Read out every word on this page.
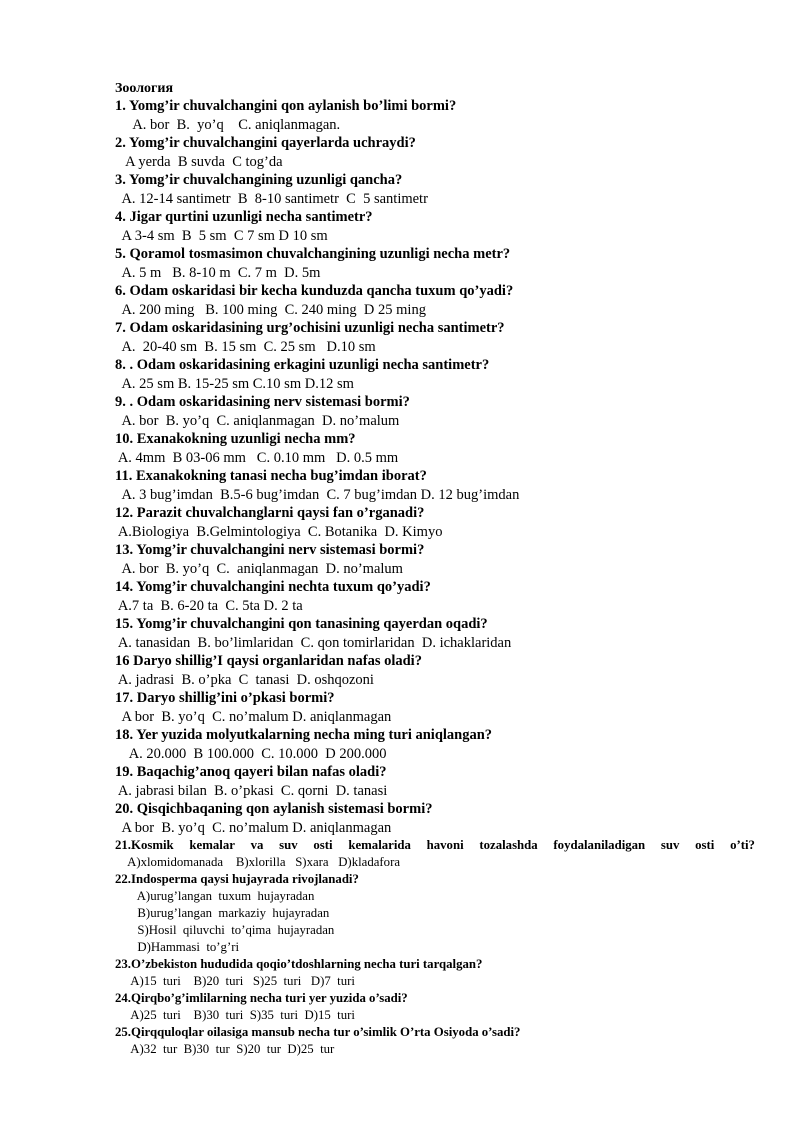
Зоология
1. Yomg’ir chuvalchangini qon aylanish bo’limi bormi?
A. bor  B.  yo’q    C. aniqlanmagan.
2. Yomg’ir chuvalchangini qayerlarda uchraydi?
A yerda  B suvda  C tog’da
3. Yomg’ir chuvalchangining uzunligi qancha?
A. 12-14 santimetr  B  8-10 santimetr  C  5 santimetr
4. Jigar qurtini uzunligi necha santimetr?
A 3-4 sm  B  5 sm  C 7 sm D 10 sm
5. Qoramol tosmasimon chuvalchangining uzunligi necha metr?
A. 5 m   B. 8-10 m  C. 7 m  D. 5m
6. Odam oskaridasi bir kecha kunduzda qancha tuxum qo’yadi?
A. 200 ming   B. 100 ming  C. 240 ming  D 25 ming
7. Odam oskaridasining urg’ochisini uzunligi necha santimetr?
A.  20-40 sm  B. 15 sm  C. 25 sm   D.10 sm
8. . Odam oskaridasining erkagini uzunligi necha santimetr?
A. 25 sm B. 15-25 sm C.10 sm D.12 sm
9. . Odam oskaridasining nerv sistemasi bormi?
A. bor  B. yo’q  C. aniqlanmagan  D. no’malum
10. Exanakokning uzunligi necha mm?
A. 4mm  B 03-06 mm   C. 0.10 mm   D. 0.5 mm
11. Exanakokning tanasi necha bug’imdan iborat?
A. 3 bug’imdan  B.5-6 bug’imdan  C. 7 bug’imdan D. 12 bug’imdan
12. Parazit chuvalchanglarni qaysi fan o’rganadi?
A.Biologiya  B.Gelmintologiya  C. Botanika  D. Kimyo
13. Yomg’ir chuvalchangini nerv sistemasi bormi?
A. bor  B. yo’q  C.  aniqlanmagan  D. no’malum
14. Yomg’ir chuvalchangini nechta tuxum qo’yadi?
A.7 ta  B. 6-20 ta  C. 5ta D. 2 ta
15. Yomg’ir chuvalchangini qon tanasining qayerdan oqadi?
A. tanasidan  B. bo’limlaridan  C. qon tomirlaridan  D. ichaklaridan
16 Daryo shillig’I qaysi organlaridan nafas oladi?
A. jadrasi  B. o’pka  C  tanasi  D. oshqozoni
17. Daryo shillig’ini o’pkasi bormi?
A bor  B. yo’q  C. no’malum D. aniqlanmagan
18. Yer yuzida molyutkalarning necha ming turi aniqlangan?
A. 20.000  B 100.000  C. 10.000  D 200.000
19. Baqachig’anoq qayeri bilan nafas oladi?
A. jabrasi bilan  B. o’pkasi  C. qorni  D. tanasi
20. Qisqichbaqaning qon aylanish sistemasi bormi?
A bor  B. yo’q  C. no’malum D. aniqlanmagan
21.Kosmik kemalar va suv osti kemalarida havoni tozalashda foydalaniladigan suv osti o’ti?
A)xlomidomanada    B)xlorilla   S)xara   D)kladafora
22.Indosperma qaysi hujayrada rivojlanadi?
A)urug’langan  tuxum  hujayradan
B)urug’langan  markaziy  hujayradan
S)Hosil  qiluvchi  to’qima  hujayradan
D)Hammasi  to’g’ri
23.O’zbekiston hududida qoqio’tdoshlarning necha turi tarqalgan?
A)15  turi    B)20  turi   S)25  turi   D)7  turi
24.Qirqbo’g’imlilarning necha turi yer yuzida o’sadi?
A)25  turi    B)30  turi  S)35  turi  D)15  turi
25.Qirqquloqlar oilasiga mansub necha tur o’simlik O’rta Osiyoda o’sadi?
A)32  tur  B)30  tur  S)20  tur  D)25  tur
